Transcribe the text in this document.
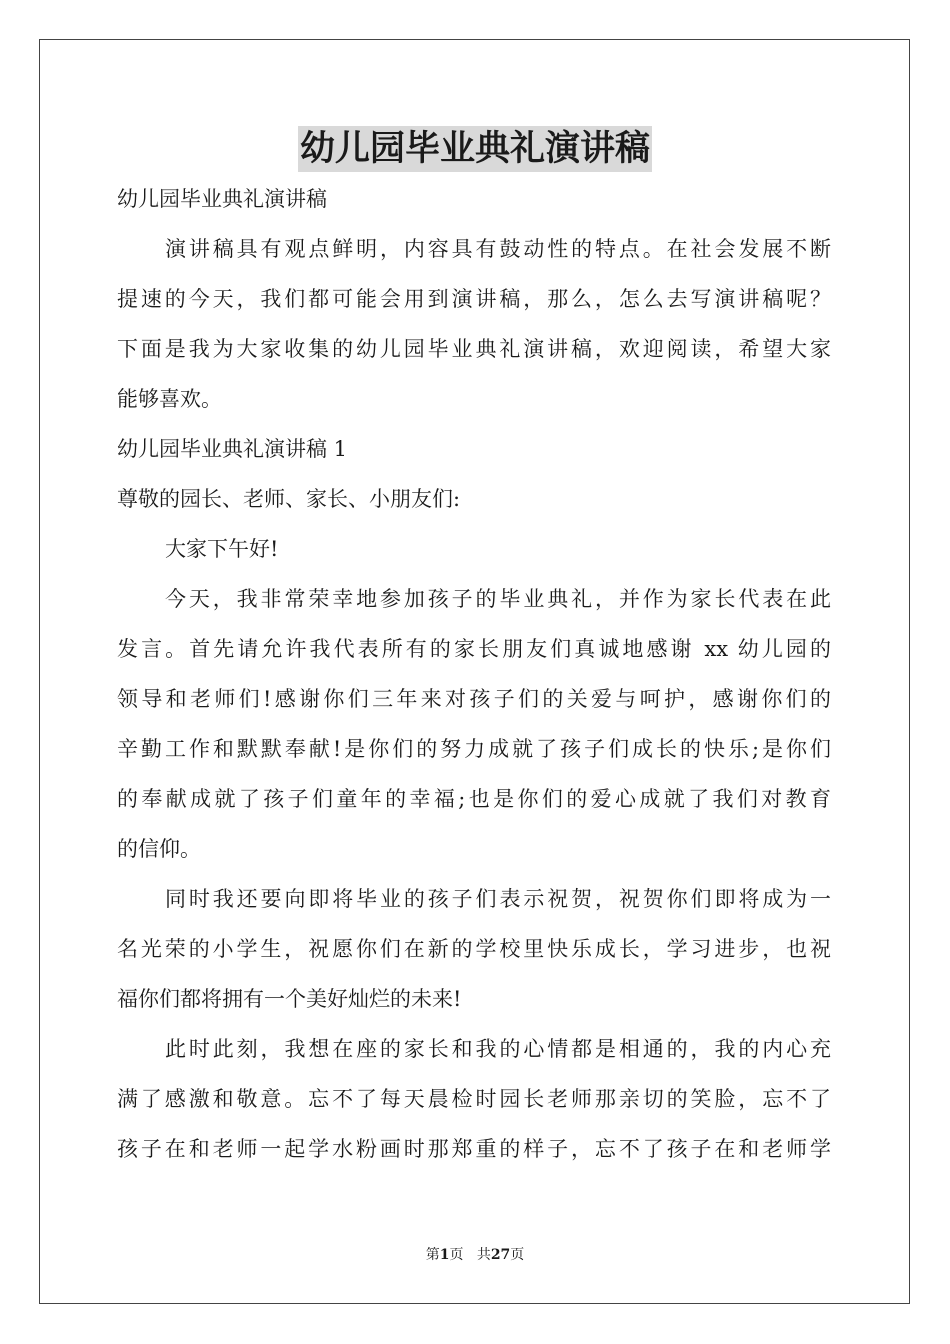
幼儿园毕业典礼演讲稿
幼儿园毕业典礼演讲稿
演讲稿具有观点鲜明，内容具有鼓动性的特点。在社会发展不断
提速的今天，我们都可能会用到演讲稿，那么，怎么去写演讲稿呢？
下面是我为大家收集的幼儿园毕业典礼演讲稿，欢迎阅读，希望大家
能够喜欢。
幼儿园毕业典礼演讲稿 1
尊敬的园长、老师、家长、小朋友们:
大家下午好!
今天，我非常荣幸地参加孩子的毕业典礼，并作为家长代表在此
发言。首先请允许我代表所有的家长朋友们真诚地感谢 xx 幼儿园的
领导和老师们!感谢你们三年来对孩子们的关爱与呵护，感谢你们的
辛勤工作和默默奉献!是你们的努力成就了孩子们成长的快乐;是你们
的奉献成就了孩子们童年的幸福;也是你们的爱心成就了我们对教育
的信仰。
同时我还要向即将毕业的孩子们表示祝贺，祝贺你们即将成为一
名光荣的小学生，祝愿你们在新的学校里快乐成长，学习进步，也祝
福你们都将拥有一个美好灿烂的未来!
此时此刻，我想在座的家长和我的心情都是相通的，我的内心充
满了感激和敬意。忘不了每天晨检时园长老师那亲切的笑脸，忘不了
孩子在和老师一起学水粉画时那郑重的样子，忘不了孩子在和老师学
第1页 共27页
